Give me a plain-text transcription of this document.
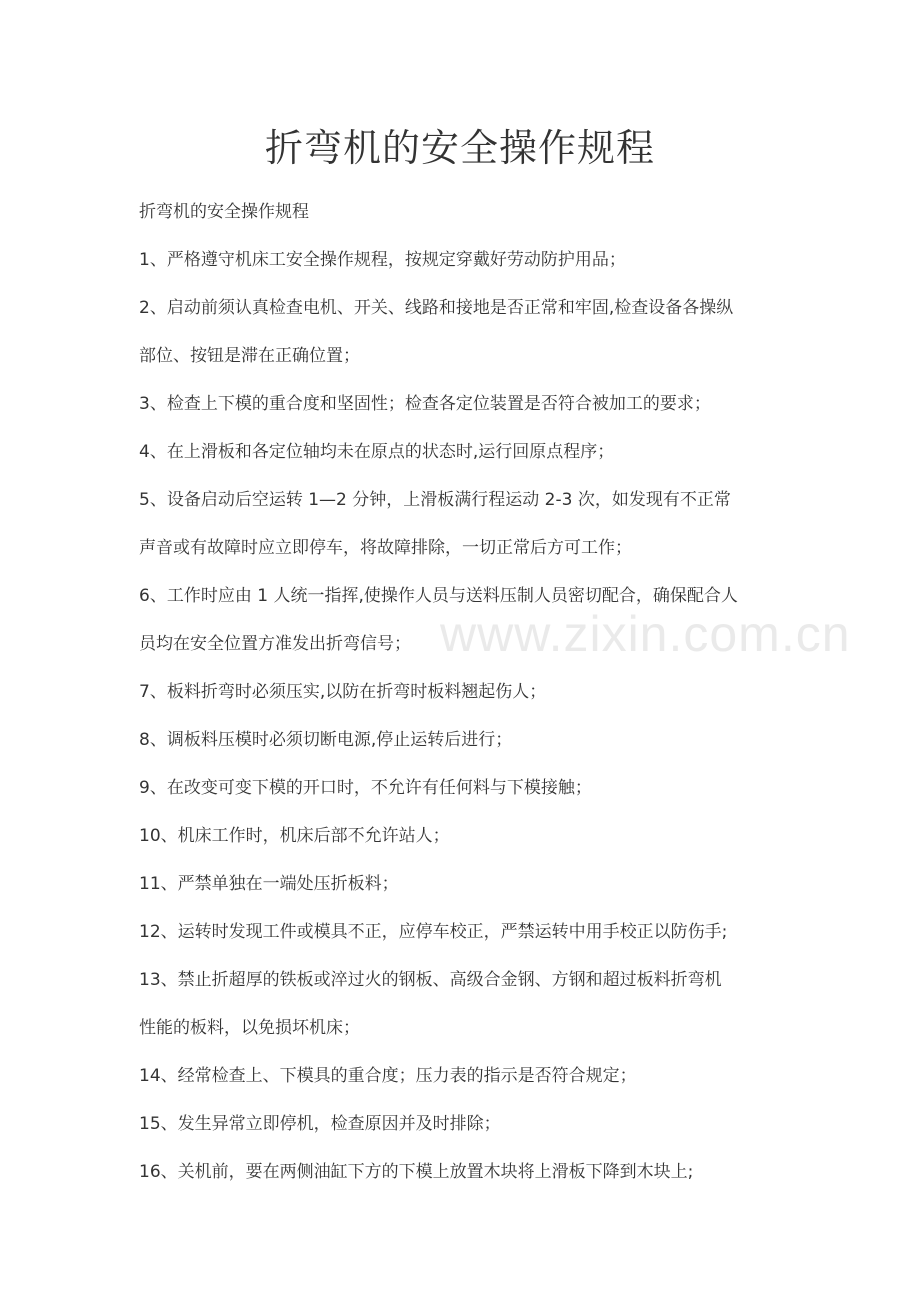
折弯机的安全操作规程
折弯机的安全操作规程
1、严格遵守机床工安全操作规程，按规定穿戴好劳动防护用品；
2、启动前须认真检查电机、开关、线路和接地是否正常和牢固,检查设备各操纵
部位、按钮是滞在正确位置；
3、检查上下模的重合度和坚固性；检查各定位装置是否符合被加工的要求；
4、在上滑板和各定位轴均未在原点的状态时,运行回原点程序；
5、设备启动后空运转 1—2 分钟，上滑板满行程运动 2-3 次，如发现有不正常
声音或有故障时应立即停车，将故障排除，一切正常后方可工作；
6、工作时应由 1 人统一指挥,使操作人员与送料压制人员密切配合，确保配合人
员均在安全位置方准发出折弯信号；
7、板料折弯时必须压实,以防在折弯时板料翘起伤人；
8、调板料压模时必须切断电源,停止运转后进行；
9、在改变可变下模的开口时，不允许有任何料与下模接触；
10、机床工作时，机床后部不允许站人；
11、严禁单独在一端处压折板料；
12、运转时发现工件或模具不正，应停车校正，严禁运转中用手校正以防伤手;
13、禁止折超厚的铁板或淬过火的钢板、高级合金钢、方钢和超过板料折弯机
性能的板料，以免损坏机床；
14、经常检查上、下模具的重合度；压力表的指示是否符合规定；
15、发生异常立即停机，检查原因并及时排除；
16、关机前，要在两侧油缸下方的下模上放置木块将上滑板下降到木块上;
www.zixin.com.cn
